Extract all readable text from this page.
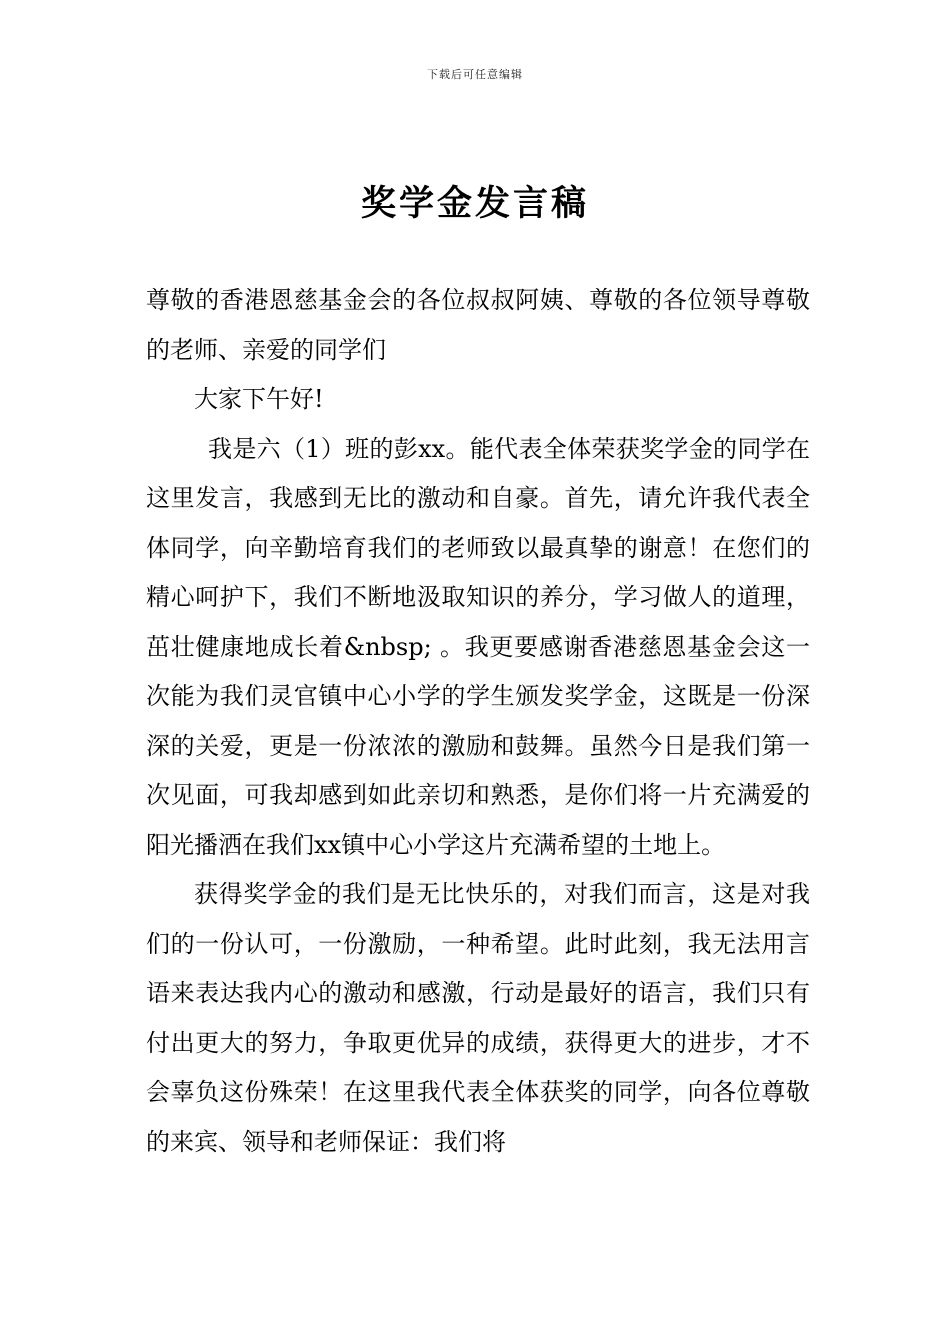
下载后可任意编辑
奖学金发言稿

尊敬的香港恩慈基金会的各位叔叔阿姨、尊敬的各位领导尊敬的老师、亲爱的同学们

大家下午好!

我是六（1）班的彭xx。能代表全体荣获奖学金的同学在这里发言，我感到无比的激动和自豪。首先，请允许我代表全体同学，向辛勤培育我们的老师致以最真挚的谢意！在您们的精心呵护下，我们不断地汲取知识的养分，学习做人的道理，茁壮健康地成长着&nbsp; 。我更要感谢香港慈恩基金会这一次能为我们灵官镇中心小学的学生颁发奖学金，这既是一份深深的关爱，更是一份浓浓的激励和鼓舞。虽然今日是我们第一次见面，可我却感到如此亲切和熟悉，是你们将一片充满爱的阳光播洒在我们xx镇中心小学这片充满希望的土地上。

获得奖学金的我们是无比快乐的，对我们而言，这是对我们的一份认可，一份激励，一种希望。此时此刻，我无法用言语来表达我内心的激动和感激，行动是最好的语言，我们只有付出更大的努力，争取更优异的成绩，获得更大的进步，才不会辜负这份殊荣！在这里我代表全体获奖的同学，向各位尊敬的来宾、领导和老师保证：我们将
